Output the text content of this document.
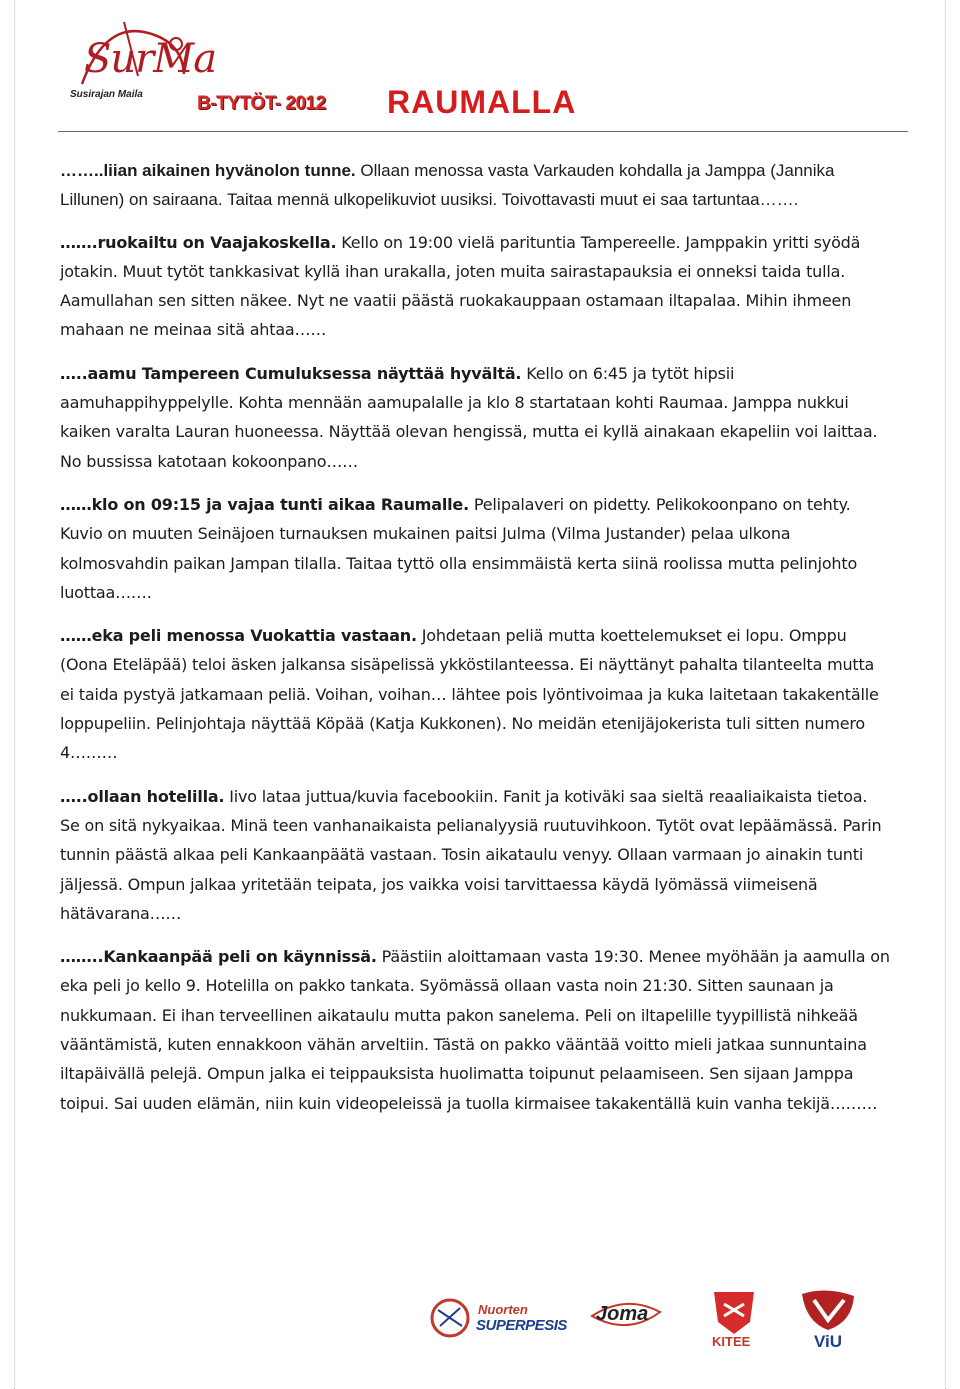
SurMa
Susirajan Maila	B-TYTÖT- 2012 RAUMALLA

……..liian aikainen hyvänolon tunne. Ollaan menossa vasta Varkauden kohdalla ja Jamppa (Jannika Lillunen) on sairaana. Taitaa mennä ulkopelikuviot uusiksi. Toivottavasti muut ei saa tartuntaa…….

…….ruokailtu on Vaajakoskella. Kello on 19:00 vielä parituntia Tampereelle. Jamppakin yritti syödä jotakin. Muut tytöt tankkasivat kyllä ihan urakalla, joten muita sairastapauksia ei onneksi taida tulla. Aamullahan sen sitten näkee. Nyt ne vaatii päästä ruokakauppaan ostamaan iltapalaa. Mihin ihmeen mahaan ne meinaa sitä ahtaa……

…..aamu Tampereen Cumuluksessa näyttää hyvältä. Kello on 6:45 ja tytöt hipsii aamuhappihyppelylle. Kohta mennään aamupalalle ja klo 8 startataan kohti Raumaa. Jamppa nukkui kaiken varalta Lauran huoneessa. Näyttää olevan hengissä, mutta ei kyllä ainakaan ekapeliin voi laittaa. No bussissa katotaan kokoonpano……

……klo on 09:15 ja vajaa tunti aikaa Raumalle. Pelipalaveri on pidetty. Pelikokoonpano on tehty. Kuvio on muuten Seinäjoen turnauksen mukainen paitsi Julma (Vilma Justander) pelaa ulkona kolmosvahdin paikan Jampan tilalla. Taitaa tyttö olla ensimmäistä kerta siinä roolissa mutta pelinjohto luottaa…….

……eka peli menossa Vuokattia vastaan. Johdetaan peliä mutta koettelemukset ei lopu. Omppu (Oona Eteläpää) teloi äsken jalkansa sisäpelissä ykköstilanteessa. Ei näyttänyt pahalta tilanteelta mutta ei taida pystyä jatkamaan peliä. Voihan, voihan… lähtee pois lyöntivoimaa ja kuka laitetaan takakentälle loppupeliin. Pelinjohtaja näyttää Köpää (Katja Kukkonen). No meidän etenijäjokerista tuli sitten numero 4………

…..ollaan hotelilla. Iivo lataa juttua/kuvia facebookiin. Fanit ja kotiväki saa sieltä reaaliaikaista tietoa. Se on sitä nykyaikaa. Minä teen vanhanaikaista pelianalyysiä ruutuvihkoon. Tytöt ovat lepäämässä. Parin tunnin päästä alkaa peli Kankaanpäätä vastaan. Tosin aikataulu venyy. Ollaan varmaan jo ainakin tunti jäljessä. Ompun jalkaa yritetään teipata, jos vaikka voisi tarvittaessa käydä lyömässä viimeisenä hätävarana……

……..Kankaanpää peli on käynnissä. Päästiin aloittamaan vasta 19:30. Menee myöhään ja aamulla on eka peli jo kello 9. Hotelilla on pakko tankata. Syömässä ollaan vasta noin 21:30. Sitten saunaan ja nukkumaan. Ei ihan terveellinen aikataulu mutta pakon sanelema. Peli on iltapelille tyypillistä nihkeää vääntämistä, kuten ennakkoon vähän arveltiin. Tästä on pakko vääntää voitto mieli jatkaa sunnuntaina iltapäivällä pelejä. Ompun jalka ei teippauksista huolimatta toipunut pelaamiseen. Sen sijaan Jamppa toipui. Sai uuden elämän, niin kuin videopeleissä ja tuolla kirmaisee takakentällä kuin vanha tekijä………

Nuorten
SUPERPESIS
Joma
KITEE	ViU
